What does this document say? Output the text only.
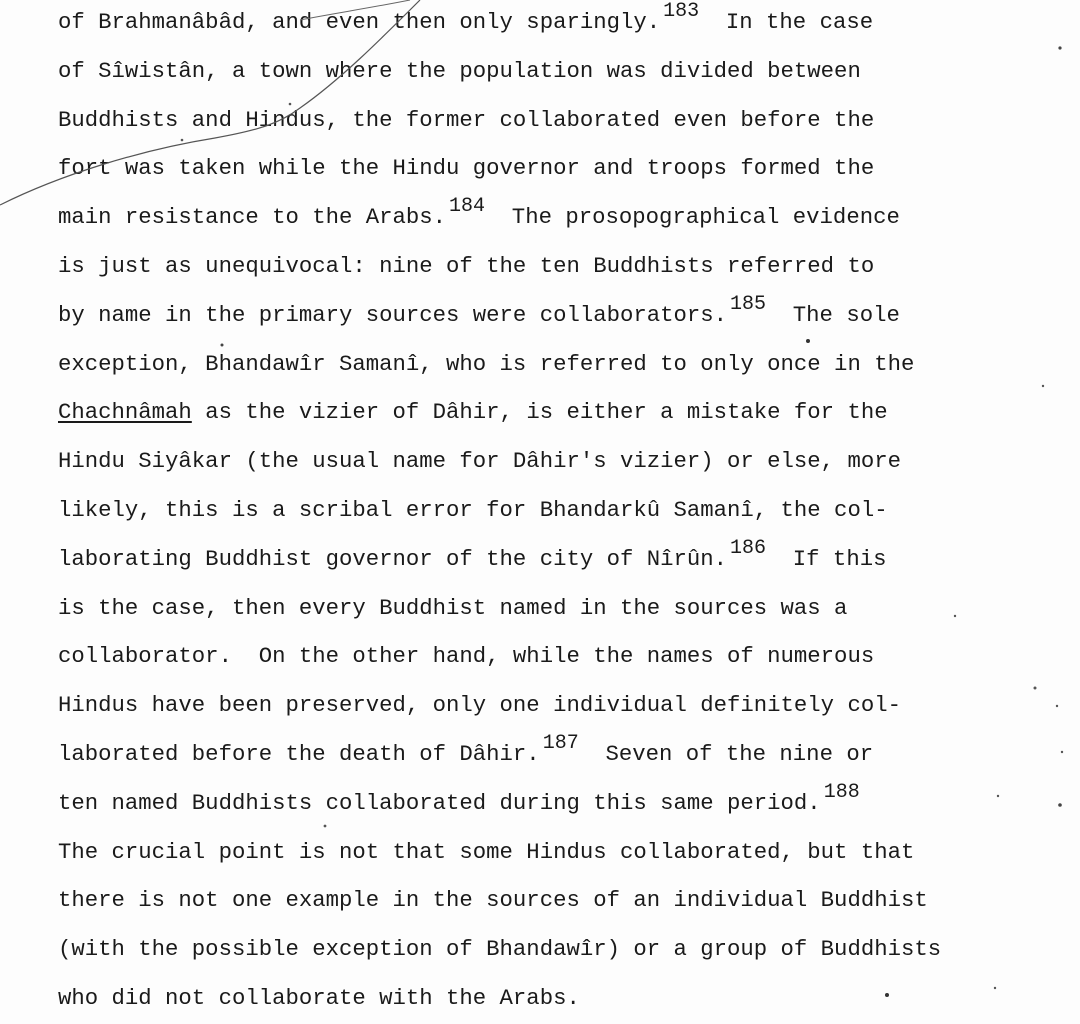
of Brahmanâbâd, and even then only sparingly. 183  In the case
of Sîwistân, a town where the population was divided between
Buddhists and Hindus, the former collaborated even before the
fort was taken while the Hindu governor and troops formed the
main resistance to the Arabs. 184  The prosopographical evidence
is just as unequivocal: nine of the ten Buddhists referred to
by name in the primary sources were collaborators. 185  The sole
exception, Bhandawîr Samanî, who is referred to only once in the
Chachnâmah as the vizier of Dâhir, is either a mistake for the
Hindu Siyâkar (the usual name for Dâhir's vizier) or else, more
likely, this is a scribal error for Bhandarkû Samanî, the col-
laborating Buddhist governor of the city of Nîrûn. 186  If this
is the case, then every Buddhist named in the sources was a
collaborator.  On the other hand, while the names of numerous
Hindus have been preserved, only one individual definitely col-
laborated before the death of Dâhir. 187  Seven of the nine or
ten named Buddhists collaborated during this same period. 188
The crucial point is not that some Hindus collaborated, but that
there is not one example in the sources of an individual Buddhist
(with the possible exception of Bhandawîr) or a group of Buddhists
who did not collaborate with the Arabs.
